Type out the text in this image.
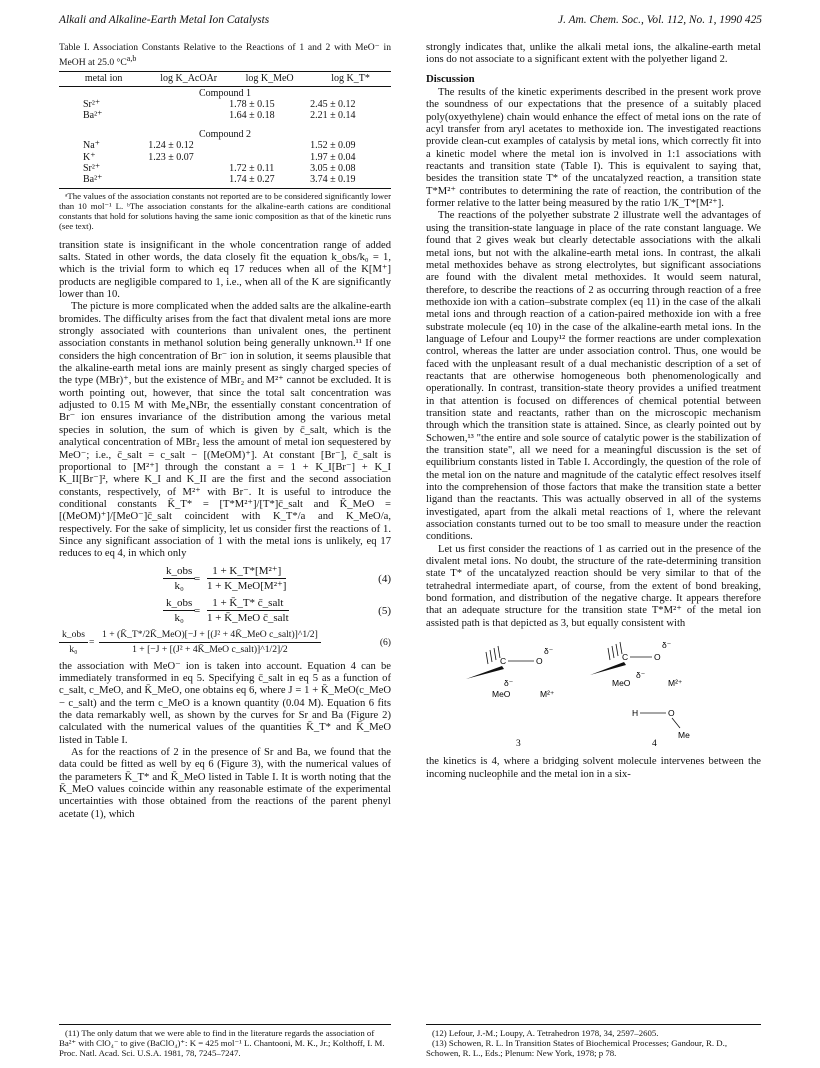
Alkali and Alkaline-Earth Metal Ion Catalysts	J. Am. Chem. Soc., Vol. 112, No. 1, 1990 425

Table I. Association Constants Relative to the Reactions of 1 and 2 with MeO⁻ in MeOH at 25.0 $^\circ C^{a,b}$

metal ion	log K_AcOAr	log K_MeO	log K_T*
Compound 1			
Sr²⁺		1.78 ± 0.15	2.45 ± 0.12
Ba²⁺		1.64 ± 0.18	2.21 ± 0.14

Compound 2			
Na⁺	1.24 ± 0.12		1.52 ± 0.09
K⁺	1.23 ± 0.07		1.97 ± 0.04
Sr²⁺		1.72 ± 0.11	3.05 ± 0.08
Ba²⁺		1.74 ± 0.27	3.74 ± 0.19

ᵃThe values of the association constants not reported are to be considered significantly lower than 10 mol⁻¹ L. ᵇThe association constants for the alkaline-earth cations are conditional constants that hold for solutions having the same ionic composition as that of the kinetic runs (see text).

transition state is insignificant in the whole concentration range of added salts. Stated in other words, the data closely fit the equation k_obs/k₀ = 1, which is the trivial form to which eq 17 reduces when all of the K[M⁺] products are negligible compared to 1, i.e., when all of the K are significantly lower than 10.

The picture is more complicated when the added salts are the alkaline-earth bromides. The difficulty arises from the fact that divalent metal ions are more strongly associated with counterions than univalent ones, the pertinent association constants in methanol solution being generally unknown.¹¹ If one considers the high concentration of Br⁻ ion in solution, it seems plausible that the alkaline-earth metal ions are mainly present as singly charged species of the type (MBr)⁺, but the existence of MBr₂ and M²⁺ cannot be excluded. It is worth pointing out, however, that since the total salt concentration was adjusted to 0.15 M with Me₄NBr, the essentially constant concentration of Br⁻ ion ensures invariance of the distribution among the various metal species in solution, the sum of which is given by c̄_salt, which is the analytical concentration of MBr₂ less the amount of metal ion sequestered by MeO⁻; i.e., c̄_salt = c_salt − [(MeOM)⁺]. At constant [Br⁻], c̄_salt is proportional to [M²⁺] through the constant a = 1 + K_I[Br⁻] + K_I K_II[Br⁻]², where K_I and K_II are the first and the second association constants, respectively, of M²⁺ with Br⁻. It is useful to introduce the conditional constants K̄_T* = [T*M²⁺]/[T*]c̄_salt and K̄_MeO = [(MeOM)⁺]/[MeO⁻]c̄_salt coincident with K_T*/a and K_MeO/a, respectively. For the sake of simplicity, let us consider first the reactions of 1. Since any significant association of 1 with the metal ions is unlikely, eq 17 reduces to eq 4, in which only

k_obs
k₀
=
1 + K_T*[M²⁺]
1 + K_MeO[M²⁺]
(4)
k_obs
k₀
=
1 + K̄_T* c̄_salt
1 + K̄_MeO c̄_salt
(5)
k_obs
k₀
=
1 + (K̄_T*/2K̄_MeO)[−J + [(J² + 4K̄_MeO c_salt)]^1/2]
1 + [−J + [(J² + 4K̄_MeO c_salt)]^1/2]/2
(6)

the association with MeO⁻ ion is taken into account. Equation 4 can be immediately transformed in eq 5. Specifying c̄_salt in eq 5 as a function of c_salt, c_MeO, and K̄_MeO, one obtains eq 6, where J = 1 + K̄_MeO(c_MeO − c_salt) and the term c_MeO is a known quantity (0.04 M). Equation 6 fits the data remarkably well, as shown by the curves for Sr and Ba (Figure 2) calculated with the numerical values of the quantities K̄_T* and K̄_MeO listed in Table I.

As for the reactions of 2 in the presence of Sr and Ba, we found that the data could be fitted as well by eq 6 (Figure 3), with the numerical values of the parameters K̄_T* and K̄_MeO listed in Table I. It is worth noting that the K̄_MeO values coincide within any reasonable estimate of the experimental uncertainties with those obtained from the reactions of the parent phenyl acetate (1), which

strongly indicates that, unlike the alkali metal ions, the alkaline-earth metal ions do not associate to a significant extent with the polyether ligand 2.

Discussion

The results of the kinetic experiments described in the present work prove the soundness of our expectations that the presence of a suitably placed poly(oxyethylene) chain would enhance the effect of metal ions on the rate of acyl transfer from aryl acetates to methoxide ion. The investigated reactions provide clean-cut examples of catalysis by metal ions, which correctly fit into a kinetic model where the metal ion is involved in 1:1 associations with reactants and transition state (Table I). This is equivalent to saying that, besides the transition state T* of the uncatalyzed reaction, a transition state T*M²⁺ contributes to determining the rate of reaction, the contribution of the former relative to the latter being measured by the ratio 1/K_T*[M²⁺].

The reactions of the polyether substrate 2 illustrate well the advantages of using the transition-state language in place of the rate constant language. We found that 2 gives weak but clearly detectable associations with the alkali metal ions, but not with the alkaline-earth metal ions. In contrast, the alkali metal methoxides behave as strong electrolytes, but significant associations are found with the divalent metal methoxides. It would seem natural, therefore, to describe the reactions of 2 as occurring through reaction of a free methoxide ion with a cation–substrate complex (eq 11) in the case of the alkali metal ions and through reaction of a cation-paired methoxide ion with a free substrate molecule (eq 10) in the case of the alkaline-earth metal ions. In the language of Lefour and Loupy¹² the former reactions are under complexation control, whereas the latter are under association control. Thus, one would be faced with the unpleasant result of a dual mechanistic description of a set of reactants that are otherwise homogeneous both phenomenologically and operationally. In contrast, transition-state theory provides a unified treatment in that attention is focused on differences of chemical potential between transition state and reactants, rather than on the microscopic mechanism through which the transition state is attained. Since, as clearly pointed out by Schowen,¹³ "the entire and sole source of catalytic power is the stabilization of the transition state", all we need for a meaningful discussion is the set of equilibrium constants listed in Table I. Accordingly, the question of the role of the metal ion on the nature and magnitude of the catalytic effect resolves itself into the comprehension of those factors that make the transition state a better ligand than the reactants. This was actually observed in all of the systems investigated, apart from the alkali metal reactions of 1, where the relevant association constants turned out to be too small to measure under the reaction conditions.

Let us first consider the reactions of 1 as carried out in the presence of the divalent metal ions. No doubt, the structure of the rate-determining transition state T* of the uncatalyzed reaction should be very similar to that of the tetrahedral intermediate apart, of course, from the extent of bond breaking, bond formation, and distribution of the negative charge. It appears therefore that an adequate structure for the transition state T*M²⁺ of the metal ion assisted path is that depicted as 3, but equally consistent with

C	O
δ⁻
δ⁻
MeO	M²⁺
3
C	O
δ⁻
MeO
δ⁻
M²⁺
H	O
Me
4

the kinetics is 4, where a bridging solvent molecule intervenes between the incoming nucleophile and the metal ion in a six-

(11) The only datum that we were able to find in the literature regards the association of Ba²⁺ with ClO₄⁻ to give (BaClO₄)⁺: K = 425 mol⁻¹ L. Chantooni, M. K., Jr.; Kolthoff, I. M. Proc. Natl. Acad. Sci. U.S.A. 1981, 78, 7245–7247.

(12) Lefour, J.-M.; Loupy, A. Tetrahedron 1978, 34, 2597–2605.

(13) Schowen, R. L. In Transition States of Biochemical Processes; Gandour, R. D., Schowen, R. L., Eds.; Plenum: New York, 1978; p 78.
